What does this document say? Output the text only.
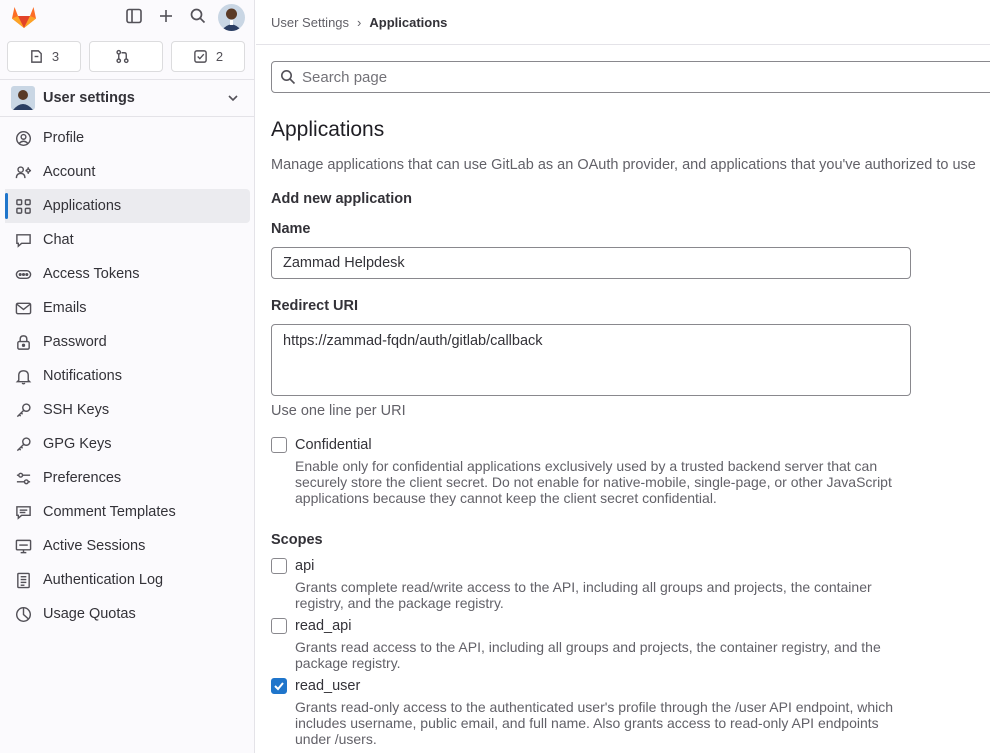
3	2
User settings
Profile
Account
Applications
Chat
Access Tokens
Emails
Password
Notifications
SSH Keys
GPG Keys
Preferences
Comment Templates
Active Sessions
Authentication Log
Usage Quotas
User Settings › Applications
Search page
Applications
Manage applications that can use GitLab as an OAuth provider, and applications that you've authorized to use
Add new application
Name
Zammad Helpdesk
Redirect URI
https://zammad-fqdn/auth/gitlab/callback
Use one line per URI
Confidential
Enable only for confidential applications exclusively used by a trusted backend server that can securely store the client secret. Do not enable for native-mobile, single-page, or other JavaScript applications because they cannot keep the client secret confidential.
Scopes
api
Grants complete read/write access to the API, including all groups and projects, the container registry, and the package registry.
read_api
Grants read access to the API, including all groups and projects, the container registry, and the package registry.
read_user
Grants read-only access to the authenticated user's profile through the /user API endpoint, which includes username, public email, and full name. Also grants access to read-only API endpoints under /users.
